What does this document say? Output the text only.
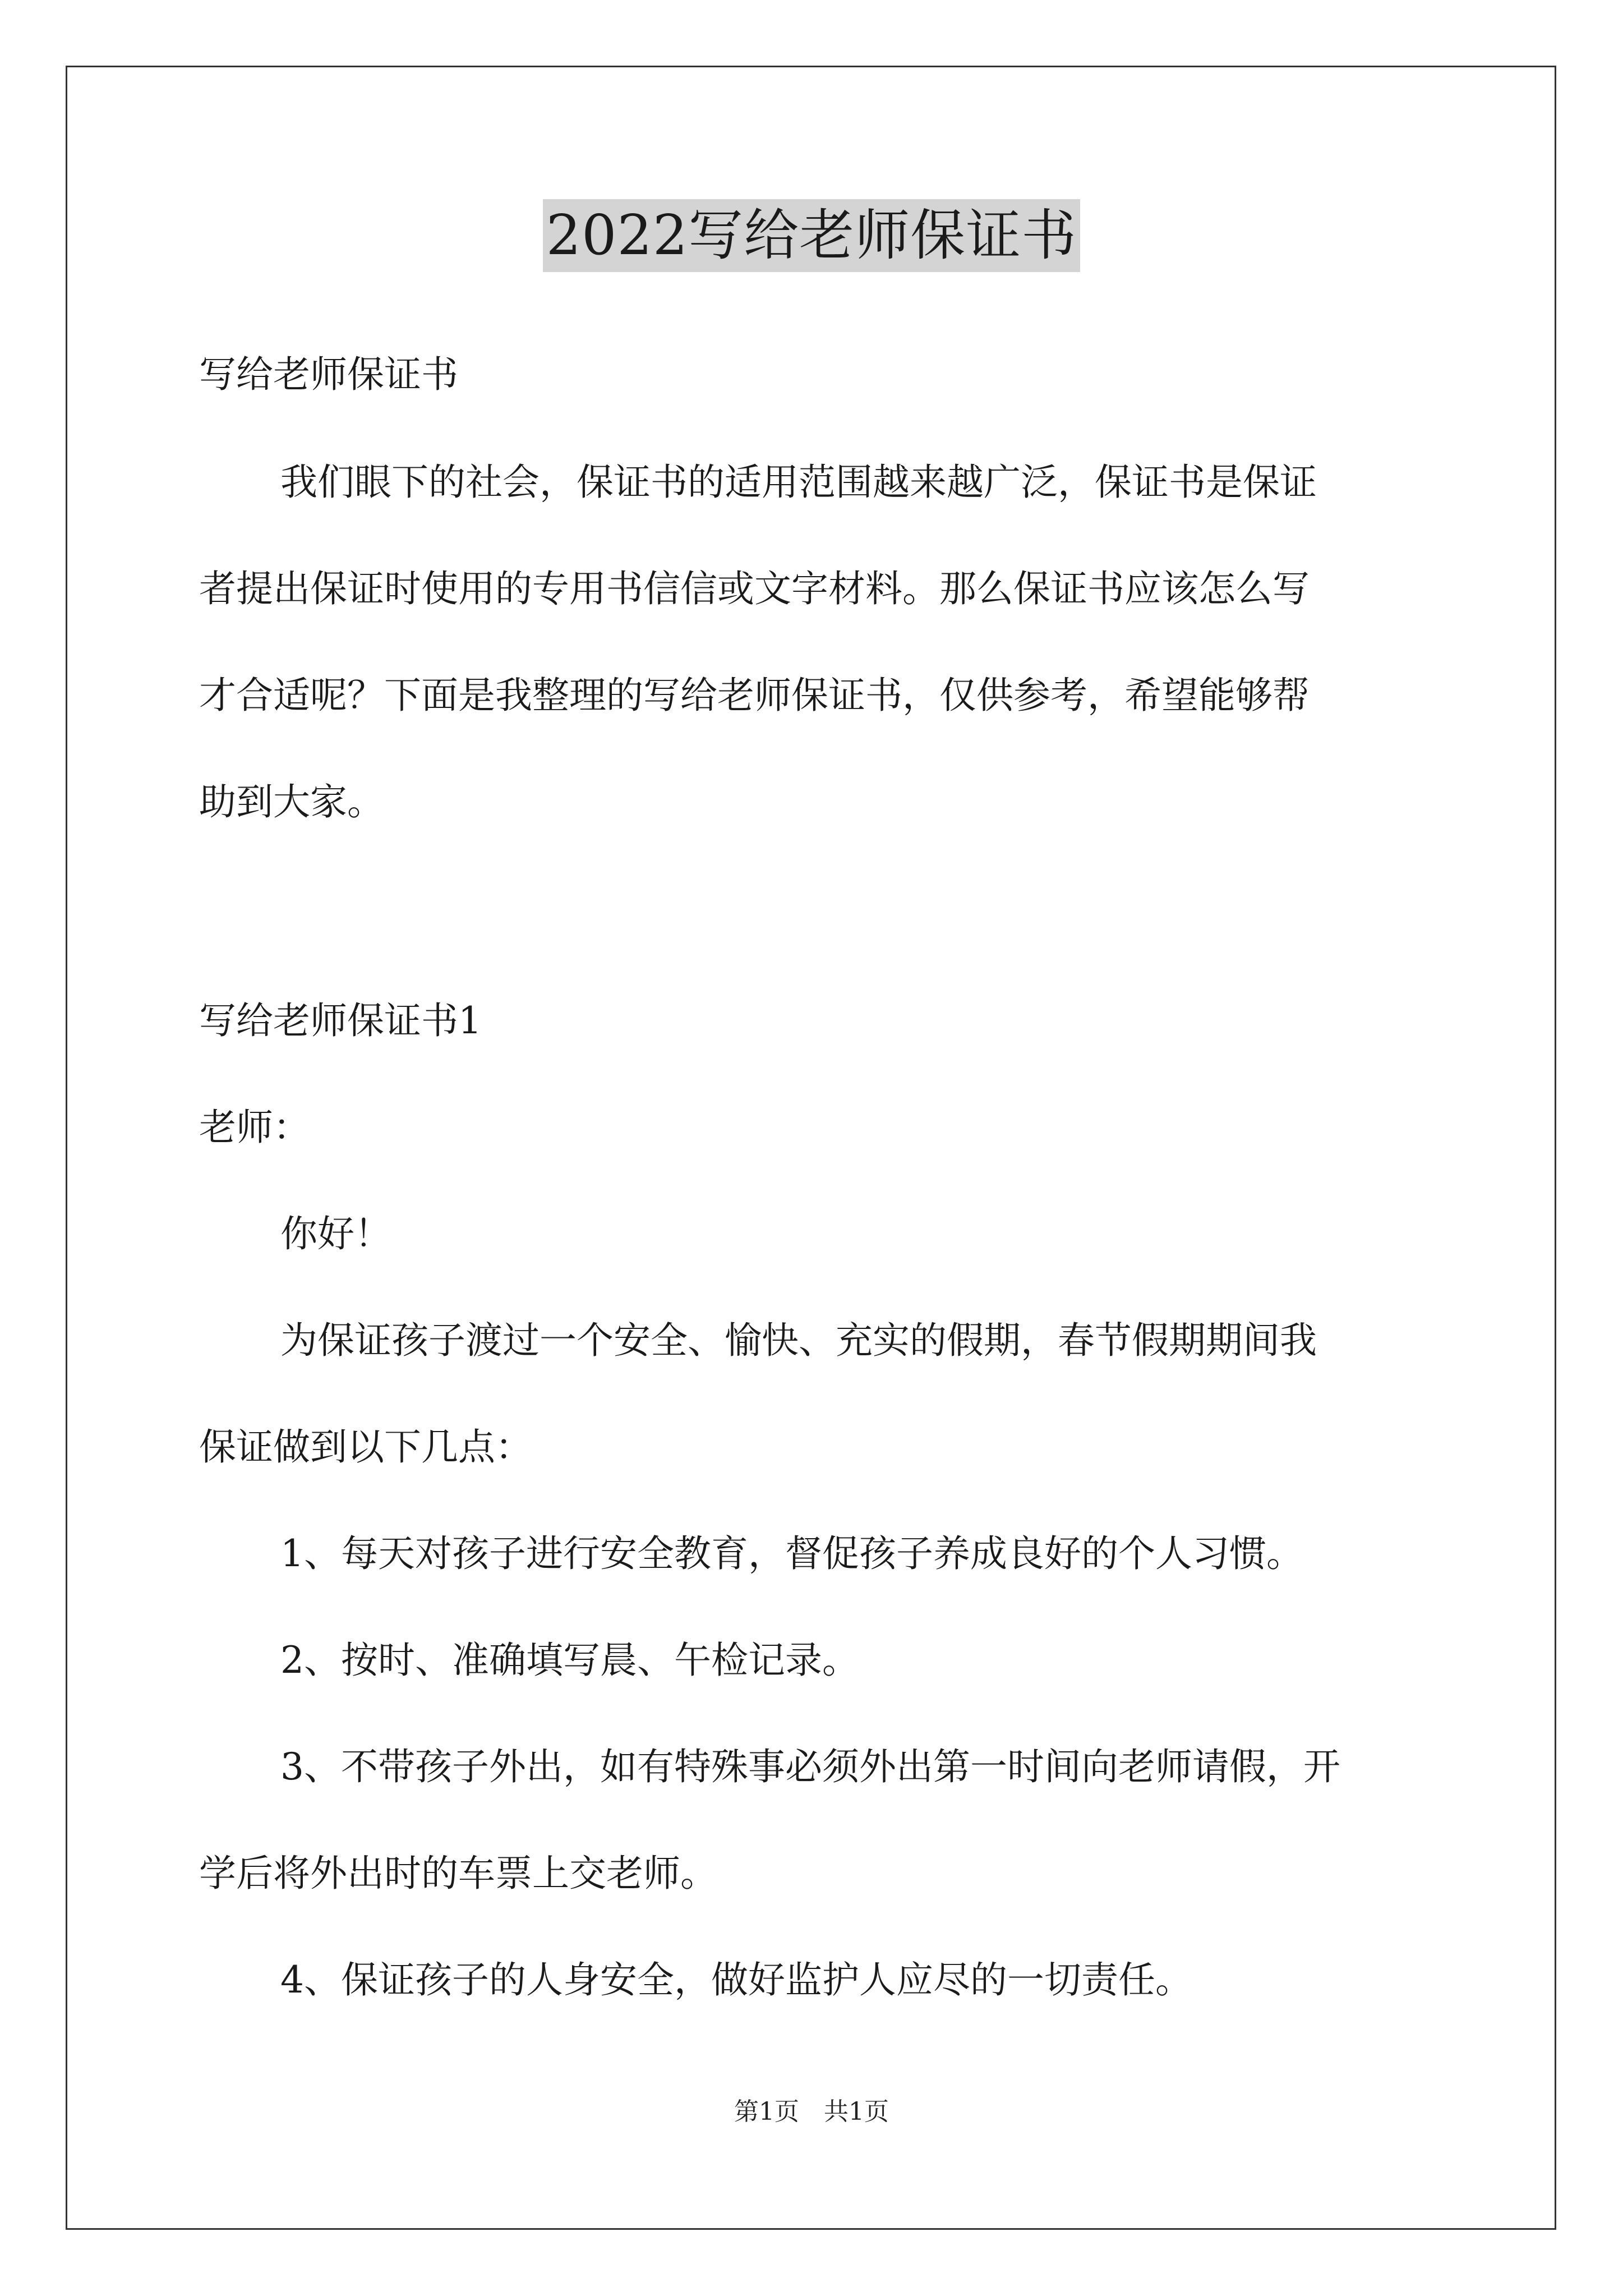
2022写给老师保证书
写给老师保证书
我们眼下的社会，保证书的适用范围越来越广泛，保证书是保证
者提出保证时使用的专用书信信或文字材料。那么保证书应该怎么写
才合适呢？下面是我整理的写给老师保证书，仅供参考，希望能够帮
助到大家。
写给老师保证书1
老师：
你好！
为保证孩子渡过一个安全、愉快、充实的假期，春节假期期间我
保证做到以下几点：
1、每天对孩子进行安全教育，督促孩子养成良好的个人习惯。
2、按时、准确填写晨、午检记录。
3、不带孩子外出，如有特殊事必须外出第一时间向老师请假，开
学后将外出时的车票上交老师。
4、保证孩子的人身安全，做好监护人应尽的一切责任。
第1页　共1页
